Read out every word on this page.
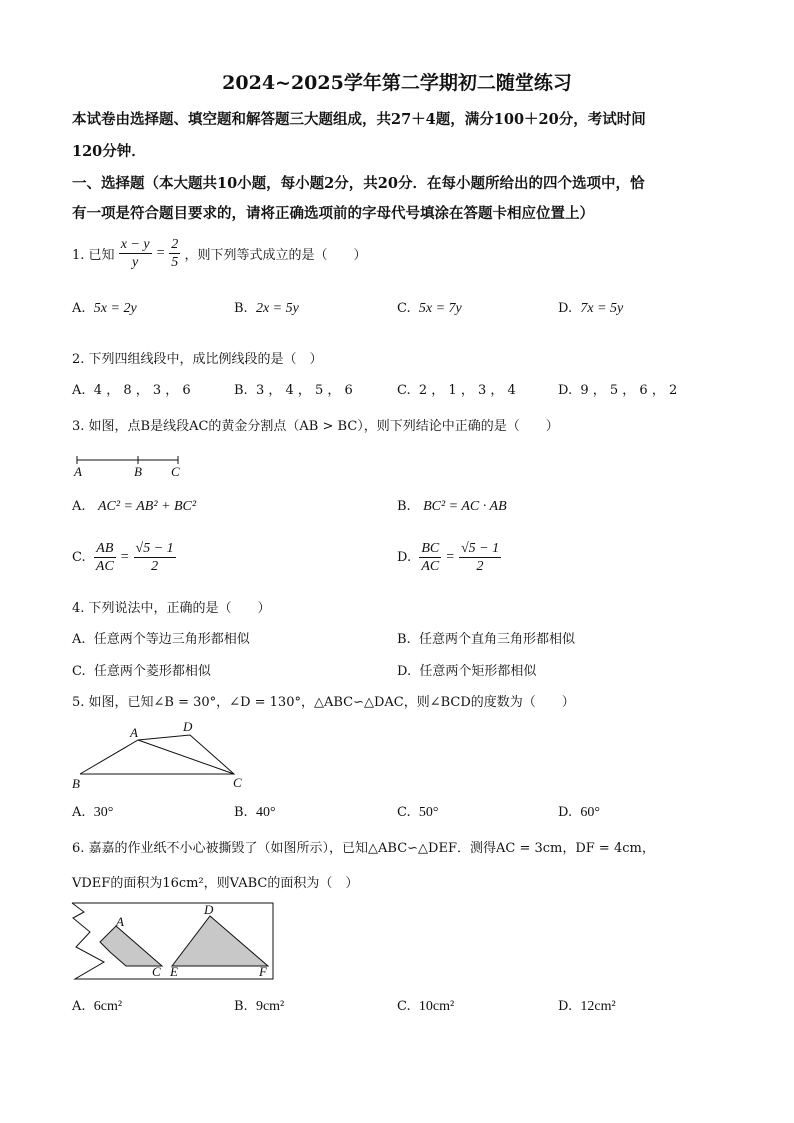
2024~2025学年第二学期初二随堂练习
本试卷由选择题、填空题和解答题三大题组成，共27＋4题，满分100＋20分，考试时间
120分钟．
一、选择题（本大题共10小题，每小题2分，共20分．在每小题所给出的四个选项中，恰
有一项是符合题目要求的，请将正确选项前的字母代号填涂在答题卡相应位置上）
1. 已知 $\frac{x - y}{y} = \frac{2}{5}$ ，则下列等式成立的是（　　）
A. 5x = 2y	B. 2x = 5y	C. 5x = 7y	D. 7x = 5y
2. 下列四组线段中，成比例线段的是（　）
A. 4 ， 8 ， 3 ， 6	B. 3 ， 4 ， 5 ， 6	C. 2 ， 1 ， 3 ， 4	D. 9 ， 5 ， 6 ， 2
3. 如图，点B是线段AC的黄金分割点（AB > BC），则下列结论中正确的是（　　）
A	B C
A. AC² = AB² + BC²	B. BC² = AC · AB
C. $\frac{AB}{AC} = \frac{√5 - 1}{2}$	D. $\frac{BC}{AC} = \frac{√5 - 1}{2}$
4. 下列说法中，正确的是（　　）
A. 任意两个等边三角形都相似	B. 任意两个直角三角形都相似
C. 任意两个菱形都相似	D. 任意两个矩形都相似
5. 如图，已知∠B = 30°，∠D = 130°，△ABC∽△DAC，则∠BCD的度数为（　　）
A	D
B	C
A. 30°	B. 40°	C. 50°	D. 60°
6. 嘉嘉的作业纸不小心被撕毁了（如图所示），已知△ABC∽△DEF．测得AC = 3cm，DF = 4cm，
VDEF的面积为16cm²，则VABC的面积为（　）
A
C
D
E	F
A. 6cm²	B. 9cm²	C. 10cm²	D. 12cm²
